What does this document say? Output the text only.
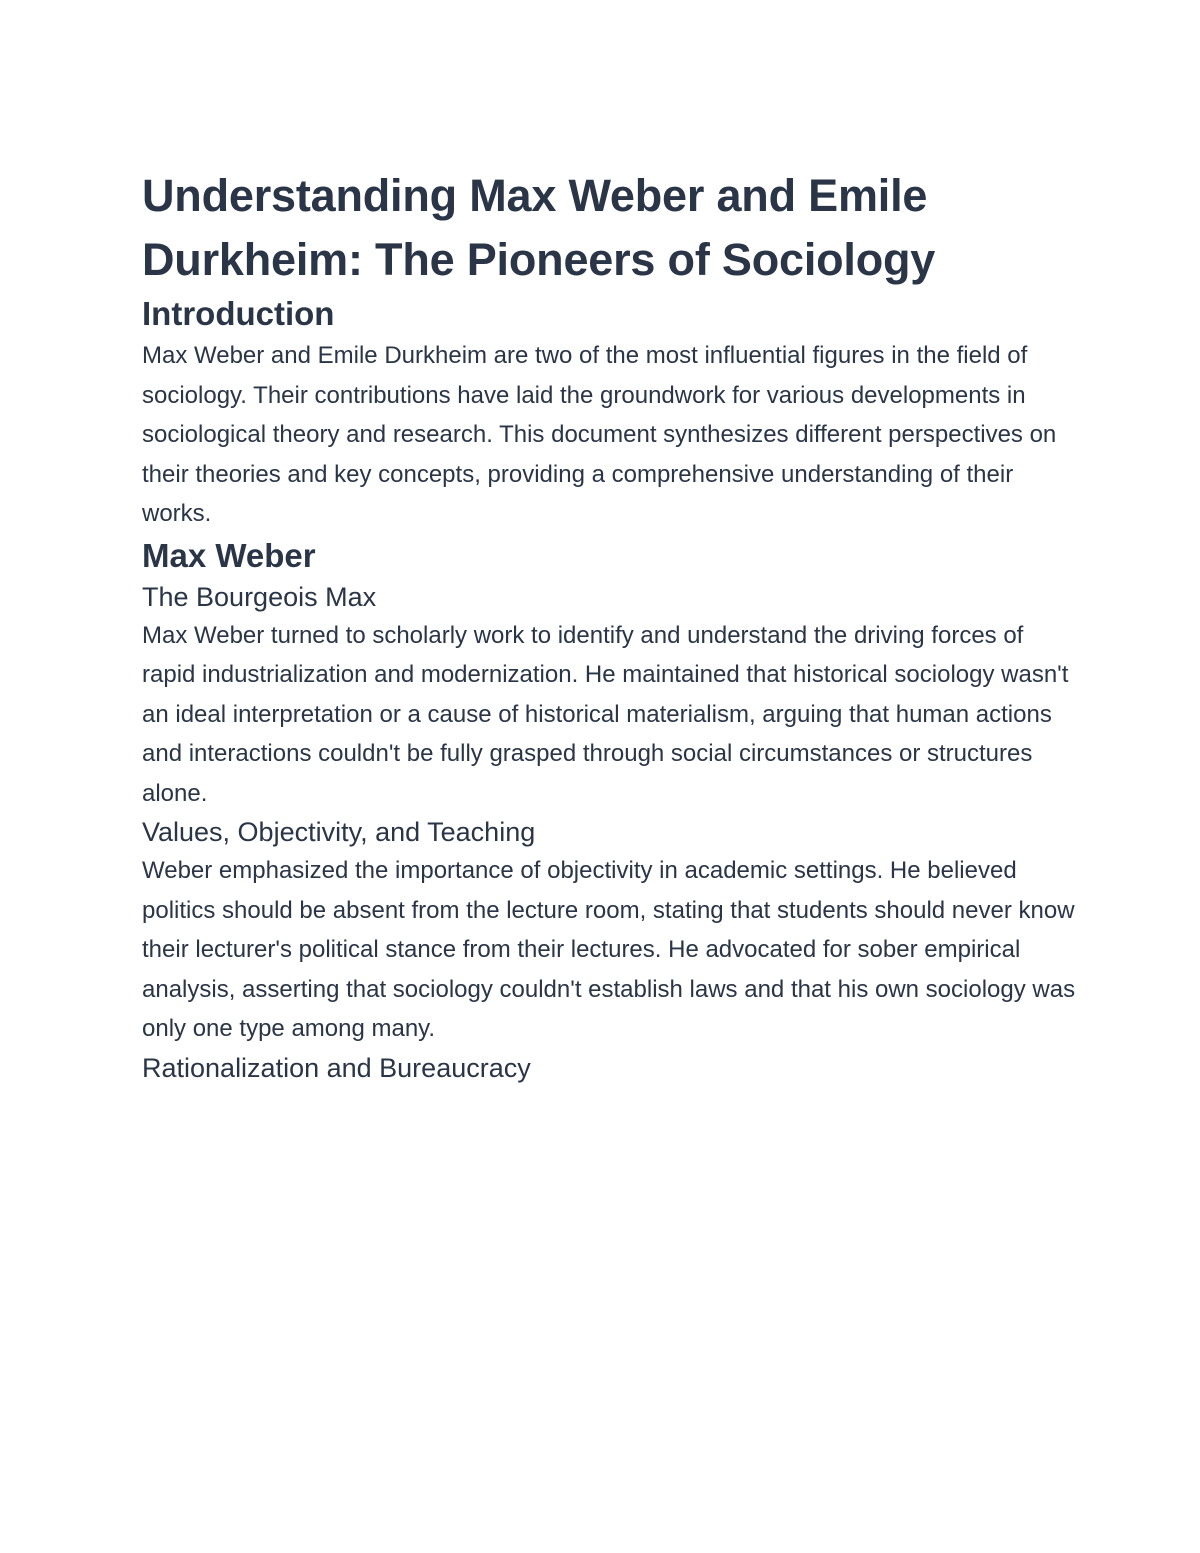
Understanding Max Weber and Emile Durkheim: The Pioneers of Sociology
Introduction

Max Weber and Emile Durkheim are two of the most influential figures in the field of sociology. Their contributions have laid the groundwork for various developments in sociological theory and research. This document synthesizes different perspectives on their theories and key concepts, providing a comprehensive understanding of their works.

Max Weber
The Bourgeois Max

Max Weber turned to scholarly work to identify and understand the driving forces of rapid industrialization and modernization. He maintained that historical sociology wasn't an ideal interpretation or a cause of historical materialism, arguing that human actions and interactions couldn't be fully grasped through social circumstances or structures alone.

Values, Objectivity, and Teaching

Weber emphasized the importance of objectivity in academic settings. He believed politics should be absent from the lecture room, stating that students should never know their lecturer's political stance from their lectures. He advocated for sober empirical analysis, asserting that sociology couldn't establish laws and that his own sociology was only one type among many.

Rationalization and Bureaucracy
